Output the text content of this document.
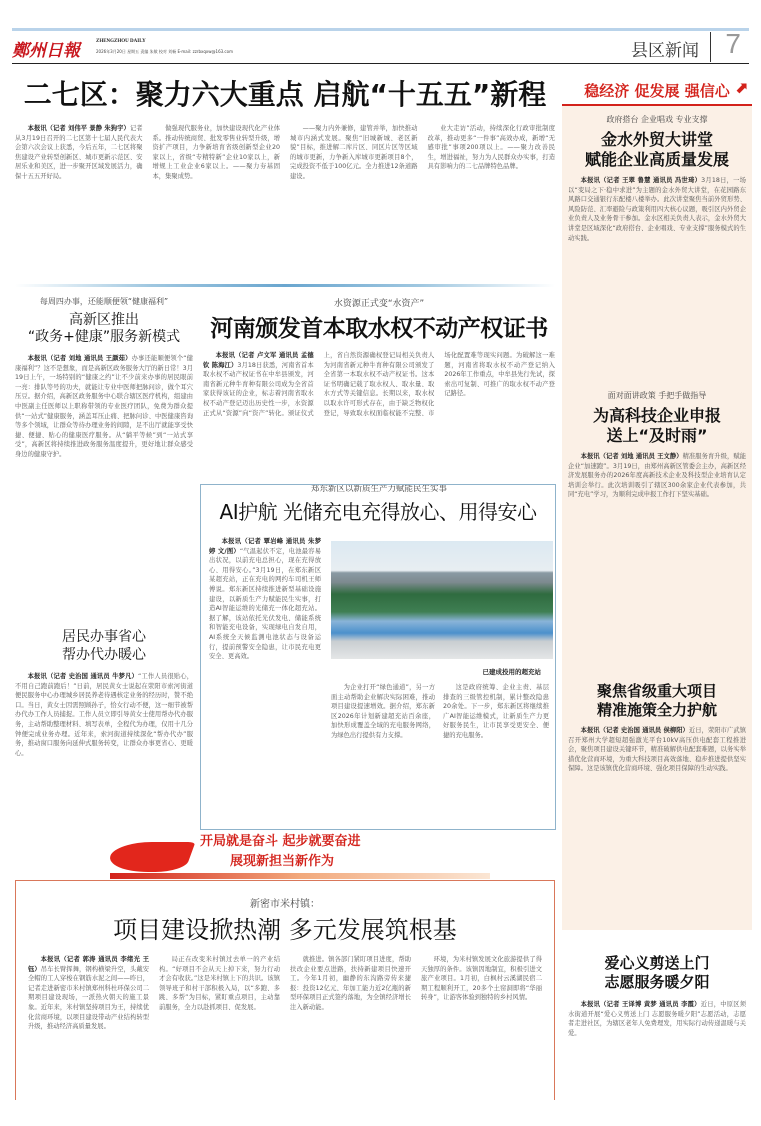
鄭州日報	ZHENGZHOU DAILY
2026年3月20日 星期五 责编 朱敏 校对 刘畅 E-mail: zzrbxqxw@163.com	县区新闻 7
二七区：聚力六大重点 启航“十五五”新程

本报讯（记者 刘伟平 景静 朱狗宇）记者从3月19日召开的二七区第十七届人民代表大会第六次会议上获悉，今后五年，二七区将聚焦建设产业转型创新区、城市更新示范区、安居乐业和美区，进一步聚开区域发展活力，确保十五五开好局。

做强现代服务业，加快建设现代化产业体系。推动传统商贸、批发零售业转型升级，增资扩产项目，力争新培育省级创新型企业20家以上，省级“专精特新”企业10家以上，新增规上工业企业6家以上。——聚力夯基固本，集聚成势。

——聚力内外兼修，建管并举，加快推动城市内涵式发展。聚焦“旧城新城、老区新貌”目标，推进解二库片区、同区片区等区域的城市更新，力争新入库城市更新项目8个，完成投资不低于100亿元。全力推进12条道路建设。

业大走访”活动，持续深化行政审批制度改革，推动更多“一件事”高效办成，新增“无感审批”事项200项以上。——聚力改善民生，增进福祉，努力为人民群众办实事，打造具有影响力的二七品牌特色品牌。

每周四办事，还能顺便领“健康福利”
高新区推出
“政务+健康”服务新模式

本报讯（记者 刘地 通讯员 王颜茹）办事还能顺便领个“健康福利”？这不是想象，而是高新区政务服务大厅的新日常！3月19日上午，一场特别的“健康之约”让不少前来办事的居民眼前一亮：排队等号的功夫，就能让专业中医师把脉问诊，做个耳穴压豆。据介绍，高新区政务服务中心联合辖区医疗机构，组建由中医副主任医师以上职称带领的专业医疗团队，免费为群众提供“一站式”健康服务，涵盖耳压止痛、把脉问诊、中医健康咨询等多个领域，让群众等待办理业务的间隙，足不出厅就能享受快捷、便捷、贴心的健康医疗服务。从“躺平等候”到“一站式享受”，高新区将持续推进政务服务温度提升，更好地让群众感受身边的健康守护。

居民办事省心
帮办代办暖心

本报讯（记者 史治国 通讯员 牛梦凡）“工作人员很贴心，不用自己跑前跑后！”日前，居民黄女士说起在荥阳市索河街道便民服务中心办理城乡居民养老待遇核定业务的经历时，赞不绝口。当日，黄女士因需照顾孙子，恰女行动不便，这一细节被帮办代办工作人员捕捉。工作人员立即引导黄女士使用帮办代办服务，主动帮助整理材料、填写表单，全程代为办理，仅用十几分钟便完成业务办理。近年来，索河街道持续深化“帮办代办”服务，推动窗口服务向延伸式服务转变，让群众办事更省心、更暖心。

水资源正式变“水资产”
河南颁发首本取水权不动产权证书

本报讯（记者 卢文军 通讯员 孟德钦 陈海江）3月18日获悉，河南省首本取水权不动产权证书在中牟县颁发，河南省新元种牛育种有限公司成为全省首家获得该证的企业，标志着河南省取水权不动产登记迈出历史性一步，水资源正式从“资源”向“资产”转化。颁证仪式上，省自然资源确权登记局相关负责人为河南省新元种牛育种有限公司颁发了全省第一本取水权不动产权证书。这本证书明确记载了取水权人、取水量、取水方式等关键信息。长期以来，取水权以取水许可形式存在，由于缺乏物权化登记，导致取水权面临权能不完整、市场化配置难等现实问题。为破解这一难题，河南省将取水权不动产登记纳入2026年工作重点，中牟县先行先试，探索出可复制、可推广的取水权不动产登记路径。

郑东新区以新质生产力赋能民生实事
AI护航 光储充电充得放心、用得安心

本报讯（记者 覃岩峰 通讯员 朱梦婷 文/图）“气温起伏不定，电池最容易出状况，以前充电总担心，现在充得放心、用得安心。”3月19日，在郑东新区某超充站，正在充电的网约车司机王师傅说。郑东新区持续推进新型基础设施建设，以新质生产力赋能民生实事，打造AI智能运维的光储充一体化超充站。据了解，该站依托光伏发电、储能系统和智能充电设备，实现绿电自发自用，AI系统全天候监测电池状态与设备运行，提前预警安全隐患，让市民充电更安全、更高效。

已建成投用的超充站

为企业打开“绿色通道”，另一方面主动帮助企业解决实际困难，推动项目建设提速增效。据介绍，郑东新区2026年计划新建超充站百余座，加快形成覆盖全域的充电服务网络，为绿色出行提供有力支撑。

这是政府统筹、企业主责、基层排查的三级管控机制，累计整改隐患20余处。下一步，郑东新区将继续推广AI智能运维模式，让新质生产力更好服务民生，让市民享受更安全、便捷的充电服务。

稳经济 促发展 强信心 ⬈
政府搭台 企业唱戏 专业支撑
金水外贸大讲堂
赋能企业高质量发展

本报讯（记者 王翠 鲁慧 通讯员 冯世琦）3月18日，一场以“变局之下·稳中求进”为主题的金水外贸大讲堂，在花园路东风路口交通银行东配楼八楼举办。此次讲堂聚焦当前外贸形势、风险防范、汇率避险与政策利用四大核心议题，吸引区内外贸企业负责人及业务骨干参加。金水区相关负责人表示，金水外贸大讲堂是区域深化“政府搭台、企业唱戏、专业支撑”服务模式的生动实践。

面对面讲政策 手把手做指导
为高科技企业申报
送上“及时雨”

本报讯（记者 刘地 通讯员 王文静）精准服务育升级，赋能企业“加速跑”。3月19日，由郑州高新区管委会主办，高新区经济发展服务办的2026年度高新技术企业及科技型企业培育认定培训会举行。此次培训吸引了辖区300余家企业代表参加，共同“充电”学习，为顺利完成申报工作打下坚实基础。

聚焦省级重大项目
精准施策全力护航

本报讯（记者 史治国 通讯员 侯柳阳）近日，荥阳市广武镇召开郑州大学超短超强激光平台10kV高压供电配套工程推进会，聚焦项目建设关键环节，精准破解供电配套难题，以务实举措优化营商环境，为重大科技项目高效落地、稳步推进提供坚实保障。这是该镇优化营商环境、强化项目保障的生动实践。

爱心义剪送上门
志愿服务暖夕阳

本报讯（记者 王译博 黄梦 通讯员 李霞）近日，中原区须水街道开展“爱心义剪送上门 志愿服务暖夕阳”志愿活动，志愿者走进社区，为辖区老年人免费理发，用实际行动传递温暖与关爱。

开局就是奋斗 起步就要奋进
展现新担当新作为
新密市米村镇：
项目建设掀热潮 多元发展筑根基

本报讯（记者 郭涛 通讯员 李绪光 王钰）吊车长臂挥舞，钢构横梁升空，头戴安全帽的工人穿梭在钢筋水泥之间——昨日，记者走进新密市米村镇郑州科杜环保公司二期项目建设现场，一派热火朝天的施工景象。近年来，米村镇坚持项目为王，持续优化营商环境，以项目建设带动产业结构转型升级，推动经济高质量发展。

局正在改变米村镇过去单一的产业结构。“好项目不会从天上掉下来，努力行动才会有收获。”这是米村镇上下的共识。该镇领导班子和村干部积极入局，以“多跑、多跳、多帮”为目标，紧盯重点项目，主动靠前服务，全力以赴抓项目、促发展。

就推进。镇各部门紧盯项目进度，帮助扶改企业要点进路，扶持新建项目快速开工。今年1月初，幽静的东沟路旁传来捷报：投资12亿元、年加工能力近2亿瓶的新型环保项目正式签约落地，为全镇经济增长注入新动能。

环境，为米村镇发展文化旅游提供了得天独厚的条件。该镇因地制宜，积极引进文旅产业项目。1月初，白枫村云溪湖民宿二期工程顺利开工，20多个土窑洞即将“华丽转身”，让游客体验到独特的乡村风情。
